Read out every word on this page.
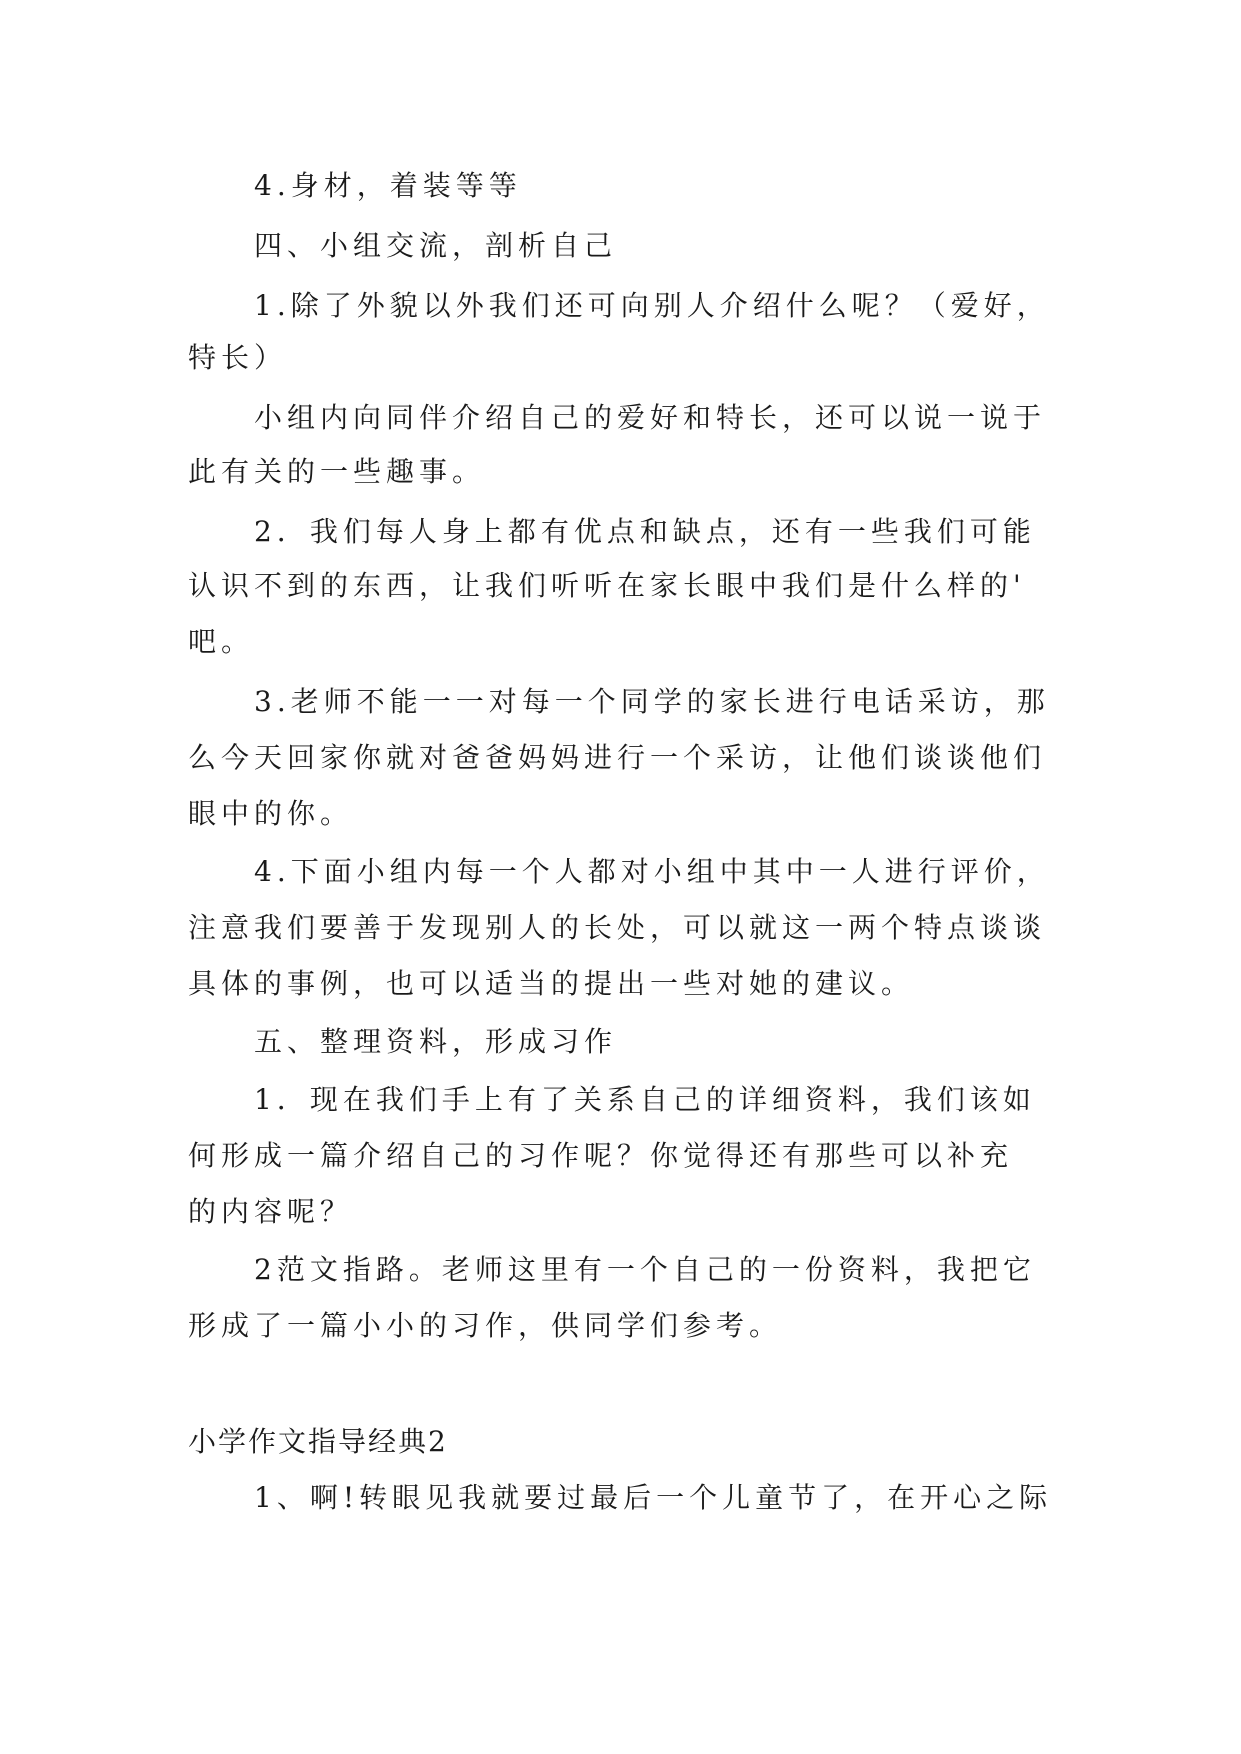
4.身材，着装等等
四、小组交流，剖析自己
1.除了外貌以外我们还可向别人介绍什么呢？（爱好，
特长）
小组内向同伴介绍自己的爱好和特长，还可以说一说于
此有关的一些趣事。
2．我们每人身上都有优点和缺点，还有一些我们可能
认识不到的东西，让我们听听在家长眼中我们是什么样的'
吧。
3.老师不能一一对每一个同学的家长进行电话采访，那
么今天回家你就对爸爸妈妈进行一个采访，让他们谈谈他们
眼中的你。
4.下面小组内每一个人都对小组中其中一人进行评价，
注意我们要善于发现别人的长处，可以就这一两个特点谈谈
具体的事例，也可以适当的提出一些对她的建议。
五、整理资料，形成习作
1．现在我们手上有了关系自己的详细资料，我们该如
何形成一篇介绍自己的习作呢？你觉得还有那些可以补充
的内容呢？
2范文指路。老师这里有一个自己的一份资料，我把它
形成了一篇小小的习作，供同学们参考。
小学作文指导经典2
1、啊!转眼见我就要过最后一个儿童节了，在开心之际
